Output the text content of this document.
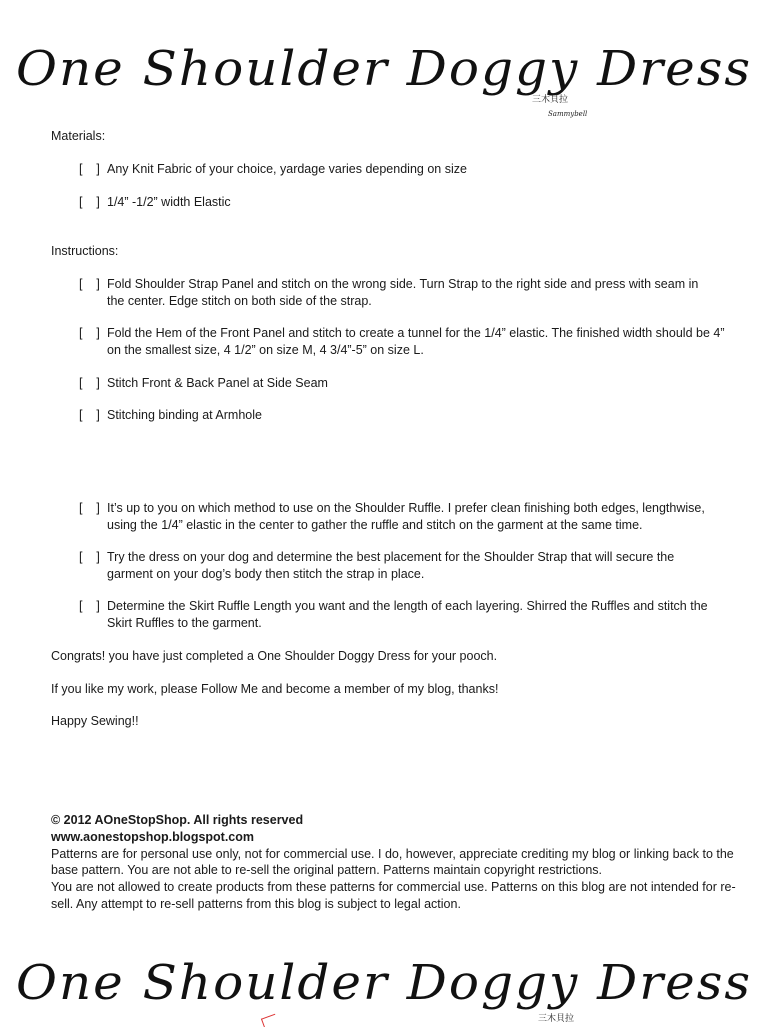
One Shoulder Doggy Dress
三木貝拉
Sammybell
Materials:
[    ] Any Knit Fabric of your choice, yardage varies depending on size
[    ] 1/4” -1/2” width Elastic
Instructions:
[    ] Fold Shoulder Strap Panel and stitch on the wrong side. Turn Strap to the right side and press with seam in the center. Edge stitch on both side of the strap.
[    ] Fold the Hem of the Front Panel and stitch to create a tunnel for the 1/4” elastic. The finished width should be 4” on the smallest size, 4 1/2” on size M, 4 3/4”-5” on size L.
[    ] Stitch Front & Back Panel at Side Seam
[    ] Stitching binding at Armhole
[    ] It’s up to you on which method to use on the Shoulder Ruffle. I prefer clean finishing both edges, lengthwise, using the 1/4” elastic in the center to gather the ruffle and stitch on the garment at the same time.
[    ] Try the dress on your dog and determine the best placement for the Shoulder Strap that will secure the garment on your dog’s body then stitch the strap in place.
[    ] Determine the Skirt Ruffle Length you want and the length of each layering. Shirred the Ruffles and stitch the Skirt Ruffles to the garment.
Congrats! you have just completed a One Shoulder Doggy Dress for your pooch.
If you like my work, please Follow Me and become a member of my blog, thanks!
Happy Sewing!!
© 2012 AOneStopShop. All rights reserved
www.aonestopshop.blogspot.com
Patterns are for personal use only, not for commercial use. I do, however, appreciate crediting my blog or linking back to the base pattern. You are not able to re-sell the original pattern. Patterns maintain copyright restrictions.
You are not allowed to create products from these patterns for commercial use. Patterns on this blog are not intended for re-sell. Any attempt to re-sell patterns from this blog is subject to legal action.
One Shoulder Doggy Dress
三木貝拉
